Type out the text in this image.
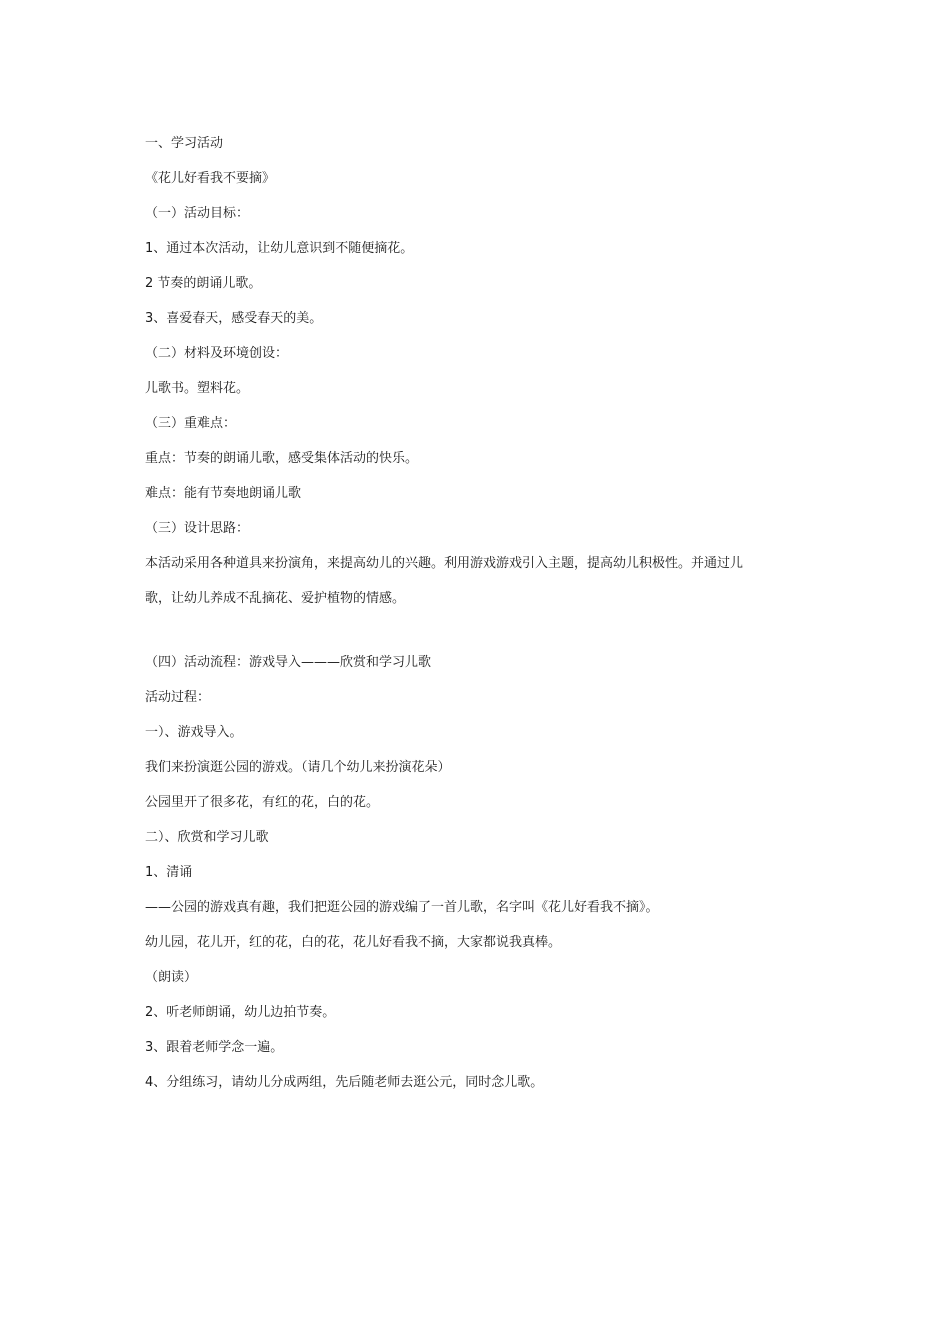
一、学习活动
《花儿好看我不要摘》
（一）活动目标：
1、通过本次活动，让幼儿意识到不随便摘花。
2 节奏的朗诵儿歌。
3、喜爱春天，感受春天的美。
（二）材料及环境创设：
儿歌书。塑料花。
（三）重难点：
重点：节奏的朗诵儿歌，感受集体活动的快乐。
难点：能有节奏地朗诵儿歌
（三）设计思路：
本活动采用各种道具来扮演角，来提高幼儿的兴趣。利用游戏游戏引入主题，提高幼儿积极性。并通过儿
歌，让幼儿养成不乱摘花、爱护植物的情感。
（四）活动流程：游戏导入———欣赏和学习儿歌
活动过程：
一）、游戏导入。
我们来扮演逛公园的游戏。（请几个幼儿来扮演花朵）
公园里开了很多花，有红的花，白的花。
二）、欣赏和学习儿歌
1、清诵
——公园的游戏真有趣，我们把逛公园的游戏编了一首儿歌，名字叫《花儿好看我不摘》。
幼儿园，花儿开，红的花，白的花，花儿好看我不摘，大家都说我真棒。
（朗读）
2、听老师朗诵，幼儿边拍节奏。
3、跟着老师学念一遍。
4、分组练习，请幼儿分成两组，先后随老师去逛公元，同时念儿歌。
